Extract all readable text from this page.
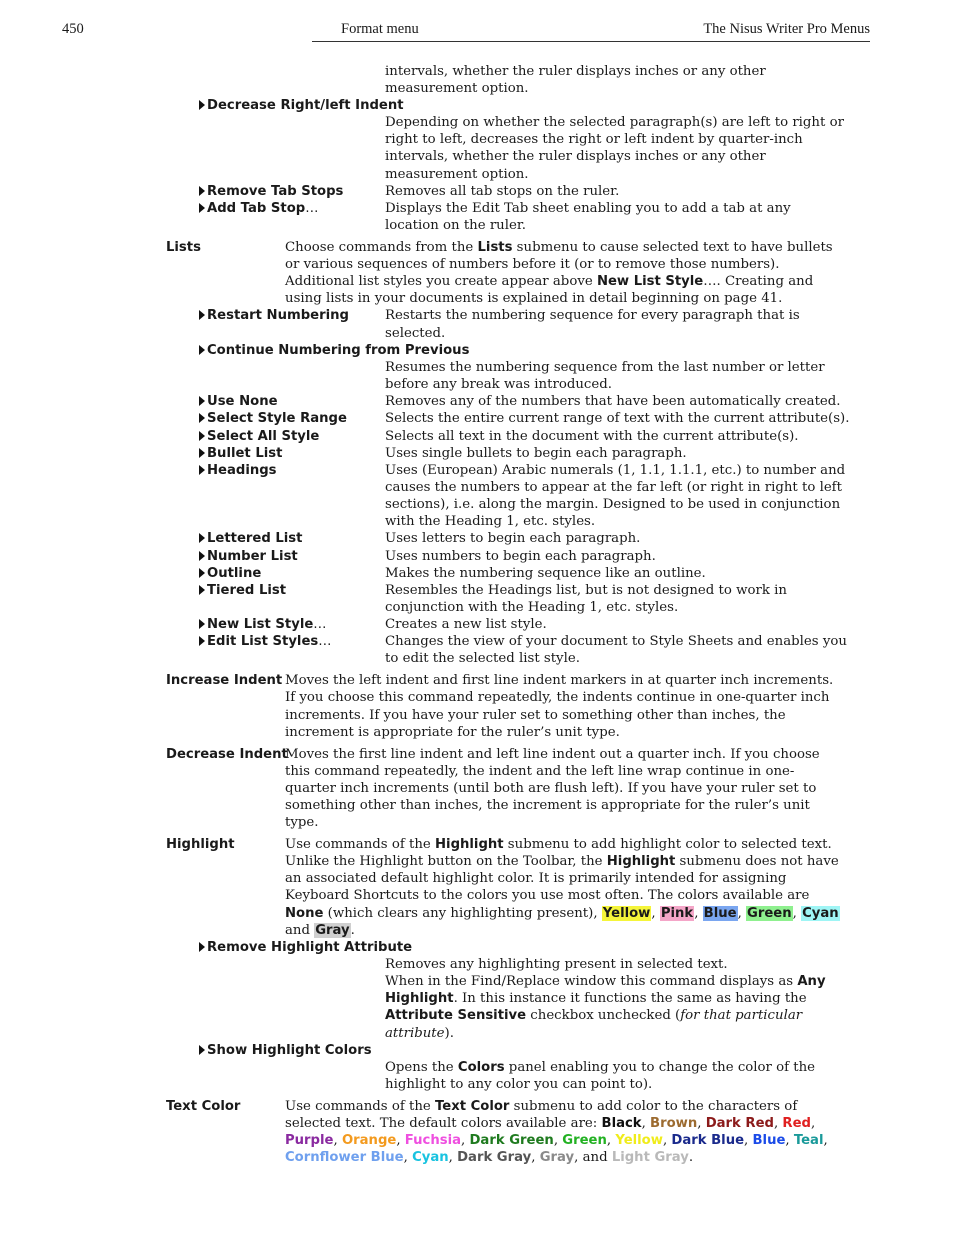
450	Format menu	The Nisus Writer Pro Menus
intervals, whether the ruler displays inches or any other
measurement option.
Decrease Right/left Indent
Depending on whether the selected paragraph(s) are left to right or
right to left, decreases the right or left indent by quarter-inch
intervals, whether the ruler displays inches or any other
measurement option.
Remove Tab Stops	Removes all tab stops on the ruler.
Add Tab Stop…	Displays the Edit Tab sheet enabling you to add a tab at any
location on the ruler.
Lists	Choose commands from the Lists submenu to cause selected text to have bullets
or various sequences of numbers before it (or to remove those numbers).
Additional list styles you create appear above New List Style…. Creating and
using lists in your documents is explained in detail beginning on page 41.
Restart Numbering	Restarts the numbering sequence for every paragraph that is
selected.
Continue Numbering from Previous
Resumes the numbering sequence from the last number or letter
before any break was introduced.
Use None	Removes any of the numbers that have been automatically created.
Select Style Range	Selects the entire current range of text with the current attribute(s).
Select All Style	Selects all text in the document with the current attribute(s).
Bullet List	Uses single bullets to begin each paragraph.
Headings	Uses (European) Arabic numerals (1, 1.1, 1.1.1, etc.) to number and
causes the numbers to appear at the far left (or right in right to left
sections), i.e. along the margin. Designed to be used in conjunction
with the Heading 1, etc. styles.
Lettered List	Uses letters to begin each paragraph.
Number List	Uses numbers to begin each paragraph.
Outline	Makes the numbering sequence like an outline.
Tiered List	Resembles the Headings list, but is not designed to work in
conjunction with the Heading 1, etc. styles.
New List Style…	Creates a new list style.
Edit List Styles…	Changes the view of your document to Style Sheets and enables you
to edit the selected list style.
Increase Indent Moves the left indent and first line indent markers in at quarter inch increments.
If you choose this command repeatedly, the indents continue in one-quarter inch
increments. If you have your ruler set to something other than inches, the
increment is appropriate for the ruler’s unit type.
Decrease Indent
Moves the first line indent and left line indent out a quarter inch. If you choose
this command repeatedly, the indent and the left line wrap continue in one-
quarter inch increments (until both are flush left). If you have your ruler set to
something other than inches, the increment is appropriate for the ruler’s unit
type.
Highlight	Use commands of the Highlight submenu to add highlight color to selected text.
Unlike the Highlight button on the Toolbar, the Highlight submenu does not have
an associated default highlight color. It is primarily intended for assigning
Keyboard Shortcuts to the colors you use most often. The colors available are
None (which clears any highlighting present), Yellow, Pink, Blue, Green, Cyan
and Gray.
Remove Highlight Attribute
Removes any highlighting present in selected text.
When in the Find/Replace window this command displays as Any
Highlight. In this instance it functions the same as having the
Attribute Sensitive checkbox unchecked (for that particular
attribute).
Show Highlight Colors
Opens the Colors panel enabling you to change the color of the
highlight to any color you can point to).
Text Color	Use commands of the Text Color submenu to add color to the characters of
selected text. The default colors available are: Black, Brown, Dark Red, Red,
Purple, Orange, Fuchsia, Dark Green, Green, Yellow, Dark Blue, Blue, Teal,
Cornflower Blue, Cyan, Dark Gray, Gray, and Light Gray.
